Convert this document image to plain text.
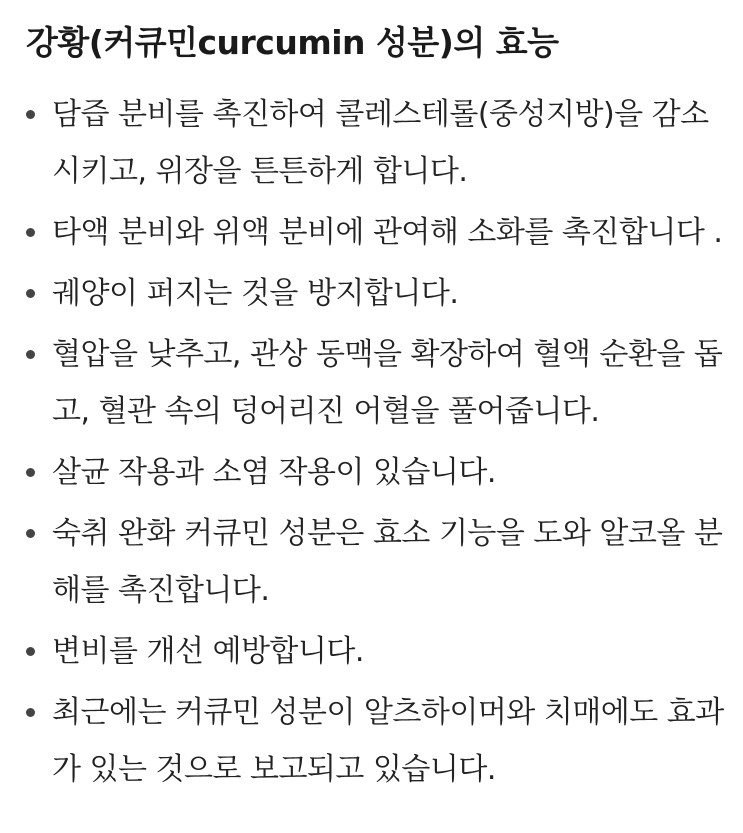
강황(커큐민curcumin 성분)의 효능
담즙 분비를 촉진하여 콜레스테롤(중성지방)을 감소 시키고, 위장을 튼튼하게 합니다.
타액 분비와 위액 분비에 관여해 소화를 촉진합니다 .
궤양이 퍼지는 것을 방지합니다.
혈압을 낮추고, 관상 동맥을 확장하여 혈액 순환을 돕고, 혈관 속의 덩어리진 어혈을 풀어줍니다.
살균 작용과 소염 작용이 있습니다.
숙취 완화 커큐민 성분은 효소 기능을 도와 알코올 분해를 촉진합니다.
변비를 개선 예방합니다.
최근에는 커큐민 성분이 알츠하이머와 치매에도 효과가 있는 것으로 보고되고 있습니다.
